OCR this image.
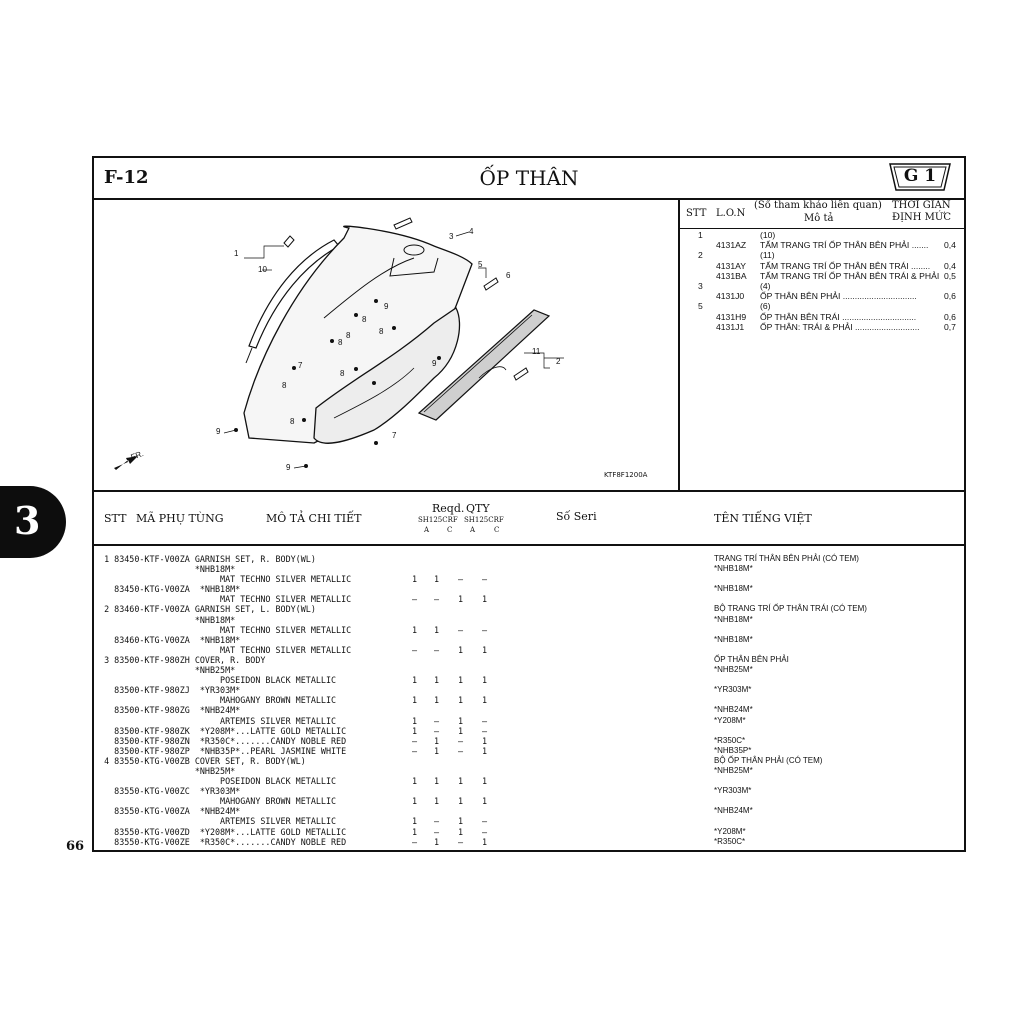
3
66
F-12	ỐP THÂN	G 1
FR.
1
10
3
4
5
6
9
8
8
8
8
7
8
9
11
2
8
9	7
9
8
KTF8F1200A
STT L.O.N
(Số tham khảo liên quan)
Mô tả
THỜI GIAN
ĐỊNH MỨC
1	(10)
4131AZ TẤM TRANG TRÍ ỐP THÂN BÊN PHẢI ....... 0,4
2	(11)
4131AY TẤM TRANG TRÍ ỐP THÂN BÊN TRÁI ........ 0,4
4131BA TẤM TRANG TRÍ ỐP THÂN BÊN TRÁI & PHẢI 0,5
3	(4)
4131J0 ỐP THÂN BÊN PHẢI ...............................	0,6
5	(6)
4131H9 ỐP THÂN BÊN TRÁI ...............................	0,6
4131J1 ỐP THÂN: TRÁI & PHẢI ...........................	0,7
STT MÃ PHỤ TÙNG	MÔ TẢ CHI TIẾT
Reqd. QTY
SH125CRF SH125CRF
A	C	A	C
Số Seri	TÊN TIẾNG VIỆT
1 83450-KTF-V00ZA GARNISH SET, R. BODY(WL)	TRANG TRÍ THÂN BÊN PHẢI (CÓ TEM)
*NHB18M*	*NHB18M*
MAT TECHNO SILVER METALLIC	1 1 – –
83450-KTG-V00ZA  *NHB18M*	*NHB18M*
MAT TECHNO SILVER METALLIC	– – 1 1
2 83460-KTF-V00ZA GARNISH SET, L. BODY(WL)	BỘ TRANG TRÍ ỐP THÂN TRÁI (CÓ TEM)
*NHB18M*	*NHB18M*
MAT TECHNO SILVER METALLIC	1 1 – –
83460-KTG-V00ZA  *NHB18M*	*NHB18M*
MAT TECHNO SILVER METALLIC	– – 1 1
3 83500-KTF-980ZH COVER, R. BODY	ỐP THÂN BÊN PHẢI
*NHB25M*	*NHB25M*
POSEIDON BLACK METALLIC	1 1 1 1
83500-KTF-980ZJ  *YR303M*	*YR303M*
MAHOGANY BROWN METALLIC	1 1 1 1
83500-KTF-980ZG  *NHB24M*	*NHB24M*
ARTEMIS SILVER METALLIC	1 – 1 –	*Y208M*
83500-KTF-980ZK  *Y208M*...LATTE GOLD METALLIC	1 – 1 –
83500-KTF-980ZN  *R350C*.......CANDY NOBLE RED	– 1 – 1	*R350C*
83500-KTF-980ZP  *NHB35P*..PEARL JASMINE WHITE	– 1 – 1	*NHB35P*
4 83550-KTG-V00ZB COVER SET, R. BODY(WL)	BỘ ỐP THÂN PHẢI (CÓ TEM)
*NHB25M*	*NHB25M*
POSEIDON BLACK METALLIC	1 1 1 1
83550-KTG-V00ZC  *YR303M*	*YR303M*
MAHOGANY BROWN METALLIC	1 1 1 1
83550-KTG-V00ZA  *NHB24M*	*NHB24M*
ARTEMIS SILVER METALLIC	1 – 1 –
83550-KTG-V00ZD  *Y208M*...LATTE GOLD METALLIC	1 – 1 –	*Y208M*
83550-KTG-V00ZE  *R350C*.......CANDY NOBLE RED	– 1 – 1	*R350C*
